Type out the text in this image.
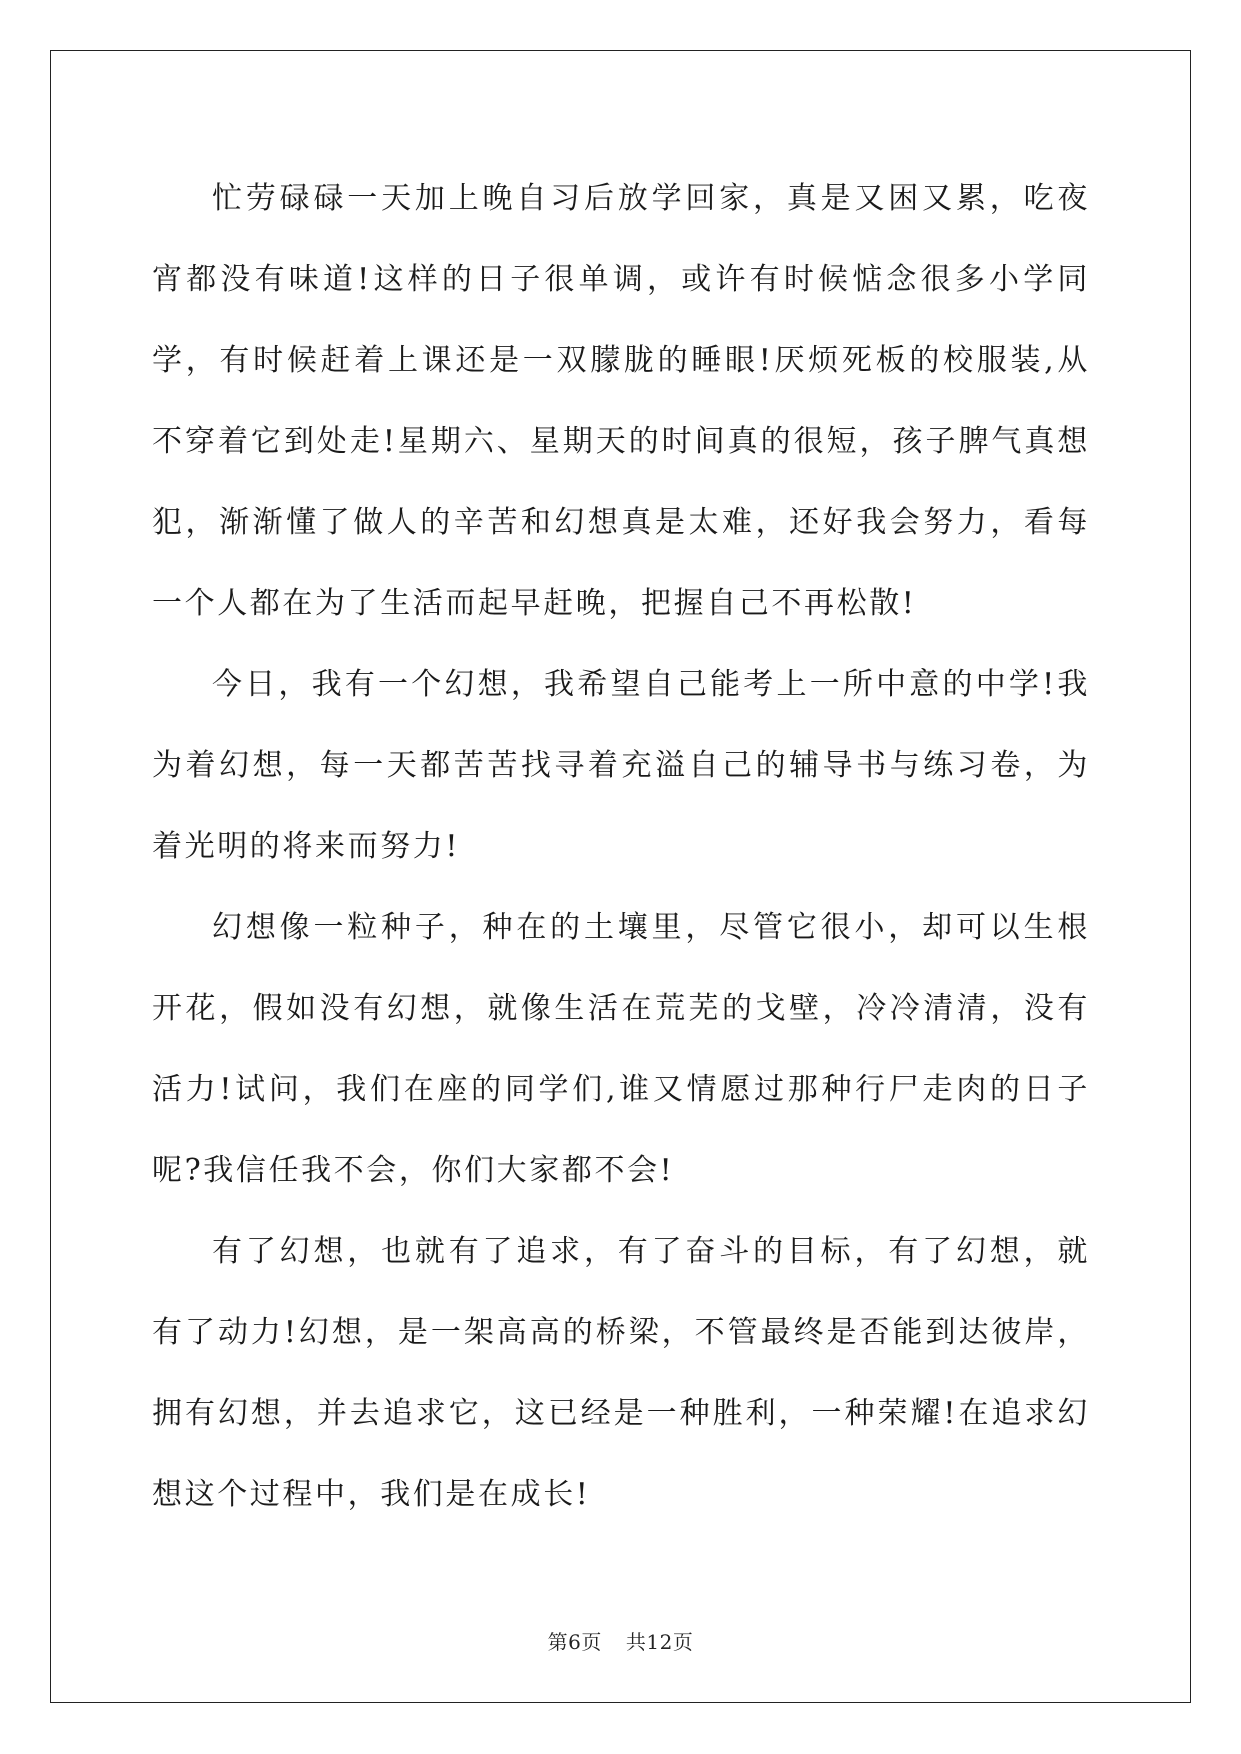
忙劳碌碌一天加上晚自习后放学回家，真是又困又累，吃夜宵都没有味道!这样的日子很单调，或许有时候惦念很多小学同学，有时候赶着上课还是一双朦胧的睡眼!厌烦死板的校服装,从不穿着它到处走!星期六、星期天的时间真的很短，孩子脾气真想犯，渐渐懂了做人的辛苦和幻想真是太难，还好我会努力，看每一个人都在为了生活而起早赶晚，把握自己不再松散!

今日，我有一个幻想，我希望自己能考上一所中意的中学!我为着幻想，每一天都苦苦找寻着充溢自己的辅导书与练习卷，为着光明的将来而努力!

幻想像一粒种子，种在的土壤里，尽管它很小，却可以生根开花，假如没有幻想，就像生活在荒芜的戈壁，冷冷清清，没有活力!试问，我们在座的同学们,谁又情愿过那种行尸走肉的日子呢?我信任我不会，你们大家都不会!

有了幻想，也就有了追求，有了奋斗的目标，有了幻想，就有了动力!幻想，是一架高高的桥梁，不管最终是否能到达彼岸，拥有幻想，并去追求它，这已经是一种胜利，一种荣耀!在追求幻想这个过程中，我们是在成长!

第6页 共12页
